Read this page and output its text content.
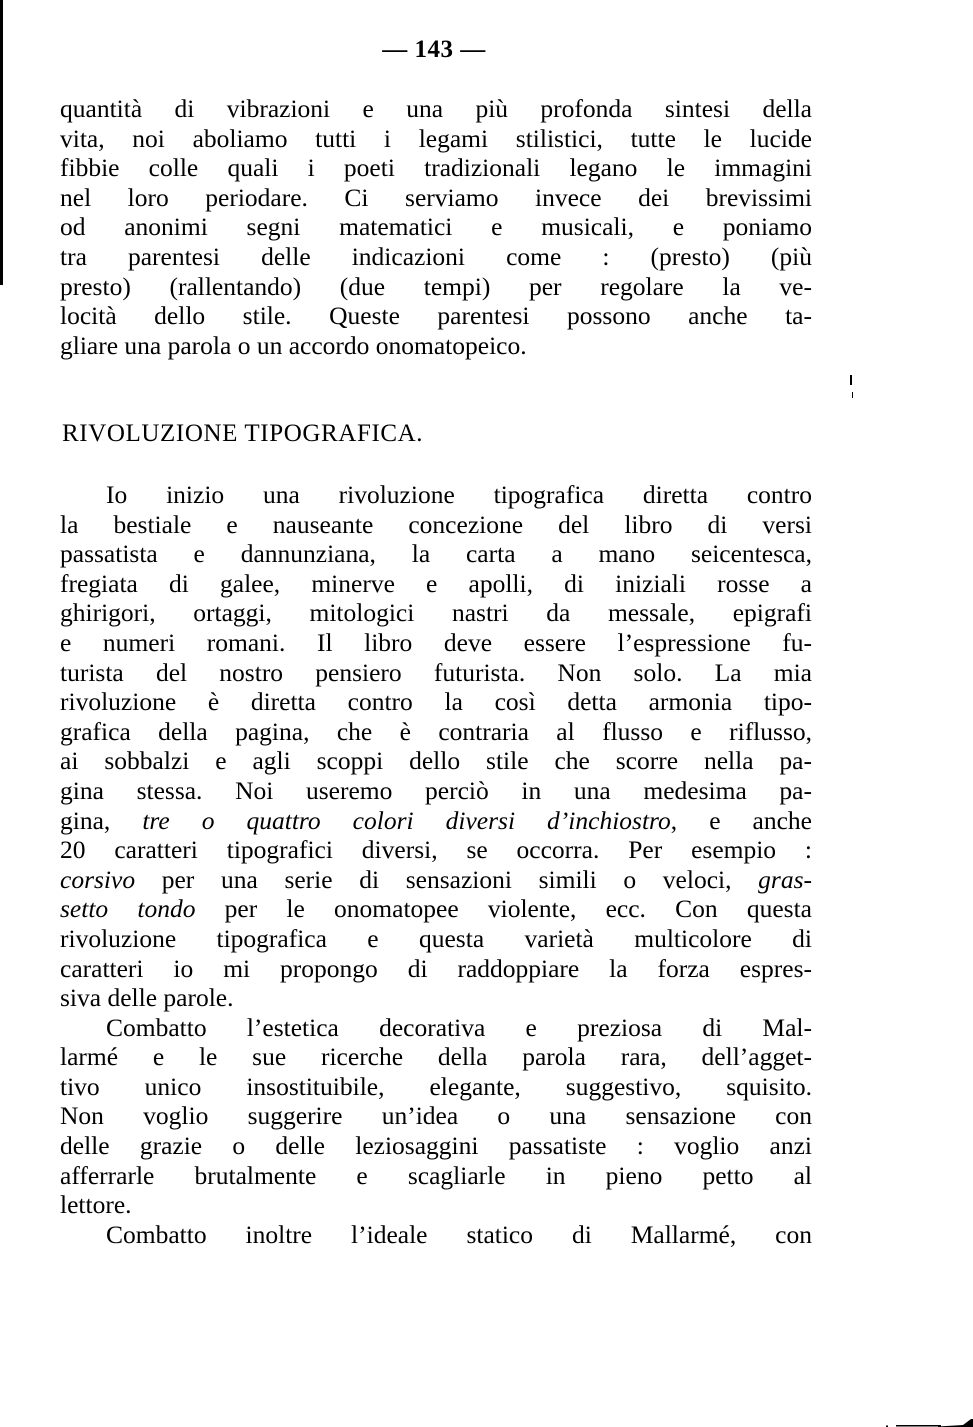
— 143 —
quantità di vibrazioni e una più profonda sintesi della
vita, noi aboliamo tutti i legami stilistici, tutte le lucide
fibbie colle quali i poeti tradizionali legano le immagini
nel loro periodare. Ci serviamo invece dei brevissimi
od anonimi segni matematici e musicali, e poniamo
tra parentesi delle indicazioni come : (presto) (più
presto) (rallentando) (due tempi) per regolare la ve-
locità dello stile. Queste parentesi possono anche ta-
gliare una parola o un accordo onomatopeico.
RIVOLUZIONE TIPOGRAFICA.
Io inizio una rivoluzione tipografica diretta contro
la bestiale e nauseante concezione del libro di versi
passatista e dannunziana, la carta a mano seicentesca,
fregiata di galee, minerve e apolli, di iniziali rosse a
ghirigori, ortaggi, mitologici nastri da messale, epigrafi
e numeri romani. Il libro deve essere l’espressione fu-
turista del nostro pensiero futurista. Non solo. La mia
rivoluzione è diretta contro la così detta armonia tipo-
grafica della pagina, che è contraria al flusso e riflusso,
ai sobbalzi e agli scoppi dello stile che scorre nella pa-
gina stessa. Noi useremo perciò in una medesima pa-
gina, tre o quattro colori diversi d’inchiostro, e anche
20 caratteri tipografici diversi, se occorra. Per esempio :
corsivo per una serie di sensazioni simili o veloci, gras-
setto tondo per le onomatopee violente, ecc. Con questa
rivoluzione tipografica e questa varietà multicolore di
caratteri io mi propongo di raddoppiare la forza espres-
siva delle parole.
Combatto l’estetica decorativa e preziosa di Mal-
larmé e le sue ricerche della parola rara, dell’agget-
tivo unico insostituibile, elegante, suggestivo, squisito.
Non voglio suggerire un’idea o una sensazione con
delle grazie o delle leziosaggini passatiste : voglio anzi
afferrarle brutalmente e scagliarle in pieno petto al
lettore.
Combatto inoltre l’ideale statico di Mallarmé, con
